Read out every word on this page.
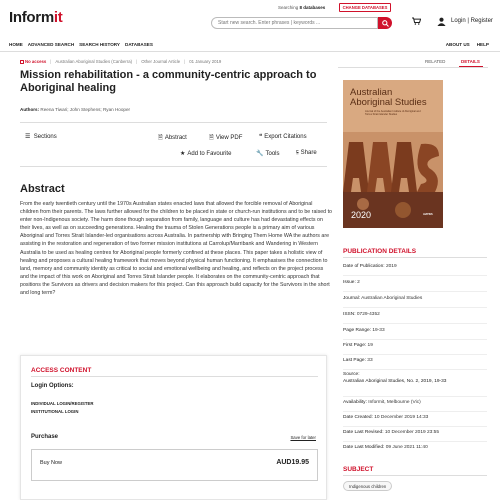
Informit
Searching 8 databases	CHANGE DATABASES
Start new search. Enter phrases | keywords ...
Login | Register
HOME ADVANCED SEARCH SEARCH HISTORY DATABASES	ABOUT US HELP
No access | Australian Aboriginal Studies (Canberra) | Other Journal Article | 01 January 2019
Mission rehabilitation - a community-centric approach to Aboriginal healing
Authors: Reena Tiwari; John Stephens; Ryan Hooper
☰ Sections	🗎 Abstract	🗎 View PDF	❝ Export Citations
★ Add to Favourite	🔧 Tools	⫅ Share
Abstract

From the early twentieth century until the 1970s Australian states enacted laws that allowed the forcible removal of Aboriginal children from their parents. The laws further allowed for the children to be placed in state or church-run institutions and to be raised to enter non-Indigenous society. The harm done though separation from family, language and culture has had devastating effects on their lives, as well as on succeeding generations. Healing the trauma of Stolen Generations people is a primary aim of various Aboriginal and Torres Strait Islander-led organisations across Australia. In partnership with Bringing Them Home WA the authors are assisting in the restoration and regeneration of two former mission institutions at Carrolup/Marribank and Wandering in Western Australia to be used as healing centres for Aboriginal people formerly confined at these places. This paper takes a holistic view of healing and proposes a cultural healing framework that moves beyond physical human functioning. It emphasises the connection to land, memory and community identity as critical to social and emotional wellbeing and healing, and reflects on the project process and the impact of this work on Aboriginal and Torres Strait Islander people. It elaborates on the community-centric approach that positions the Survivors as drivers and decision makers for this project. Can this approach build capacity for the Survivors in the short and long term?

ACCESS CONTENT
Login Options:
INDIVIDUAL LOGIN/REGISTER
INSTITUTIONAL LOGIN
Purchase	Save for later
Buy Now	AUD19.95
RELATED	DETAILS
Australian
Aboriginal Studies
Journal of the Australian Institute of Aboriginal and Torres Strait Islander Studies
2020	AIATSIS
PUBLICATION DETAILS
Date of Publication: 2019
Issue: 2
Journal: Australian Aboriginal Studies
ISSN: 0729-4352
Page Range: 19-33
First Page: 19
Last Page: 33
Source:
Australian Aboriginal Studies, No. 2, 2019, 19-33
Availability: Informit, Melbourne (Vic)
Date Created: 10 December 2019 14:33
Date Last Revised: 10 December 2019 23:55
Date Last Modified: 09 June 2021 11:40
SUBJECT
Indigenous children
